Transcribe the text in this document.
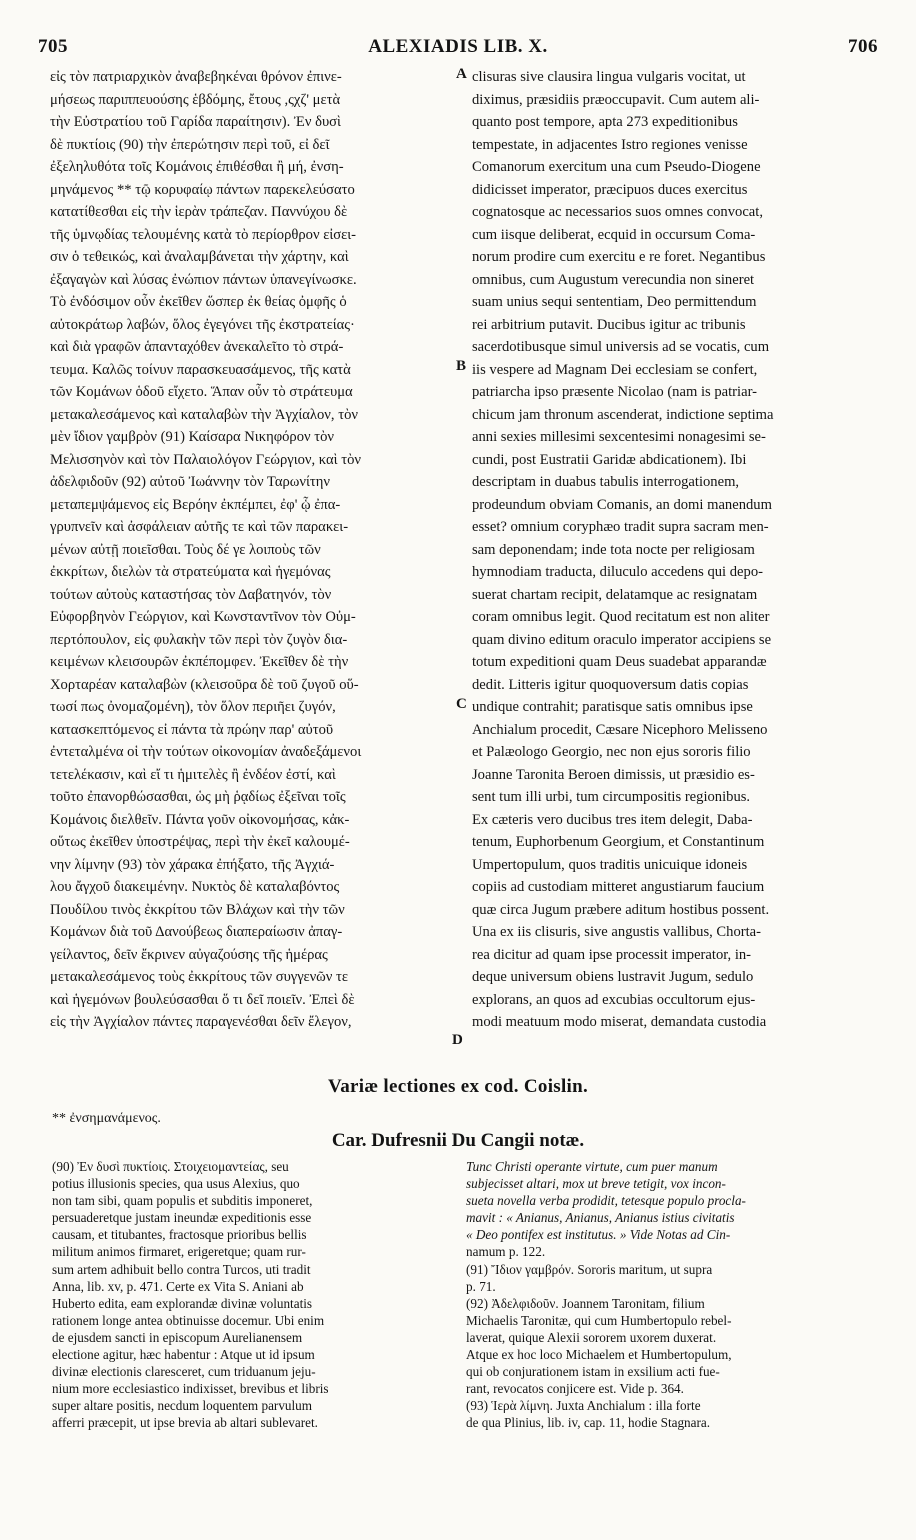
705	ALEXIADIS LIB. X.	706
εἰς τὸν πατριαρχικὸν ἀναβεβηκέναι θρόνον ἐπινε-
μήσεως παριππευούσης ἑβδόμης, ἔτους ,ςχζ' μετὰ
τὴν Εὐστρατίου τοῦ Γαρίδα παραίτησιν). Ἐν δυσὶ
δὲ πυκτίοις (90) τὴν ἐπερώτησιν περὶ τοῦ, εἰ δεῖ
ἐξεληλυθότα τοῖς Κομάνοις ἐπιθέσθαι ἢ μή, ἐνση-
μηνάμενος ** τῷ κορυφαίῳ πάντων παρεκελεύσατο
κατατίθεσθαι εἰς τὴν ἱερὰν τράπεζαν. Παννύχου δὲ
τῆς ὑμνῳδίας τελουμένης κατὰ τὸ περίορθρον εἰσει-
σιν ὁ τεθεικώς, καὶ ἀναλαμβάνεται τὴν χάρτην, καὶ
ἐξαγαγὼν καὶ λύσας ἐνώπιον πάντων ὑπανεγίνωσκε.
Τὸ ἐνδόσιμον οὖν ἐκεῖθεν ὥσπερ ἐκ θείας ὀμφῆς ὁ
αὐτοκράτωρ λαβών, ὅλος ἐγεγόνει τῆς ἐκστρατείας·
καὶ διὰ γραφῶν ἁπανταχόθεν ἀνεκαλεῖτο τὸ στρά-
τευμα. Καλῶς τοίνυν παρασκευασάμενος, τῆς κατὰ
τῶν Κομάνων ὁδοῦ εἴχετο. Ἅπαν οὖν τὸ στράτευμα
μετακαλεσάμενος καὶ καταλαβὼν τὴν Ἀγχίαλον, τὸν
μὲν ἴδιον γαμβρὸν (91) Καίσαρα Νικηφόρον τὸν
Μελισσηνὸν καὶ τὸν Παλαιολόγον Γεώργιον, καὶ τὸν
ἀδελφιδοῦν (92) αὐτοῦ Ἰωάννην τὸν Ταρωνίτην
μεταπεμψάμενος εἰς Βερόην ἐκπέμπει, ἐφ' ᾧ ἐπα-
γρυπνεῖν καὶ ἀσφάλειαν αὐτῆς τε καὶ τῶν παρακει-
μένων αὐτῇ ποιεῖσθαι. Τοὺς δέ γε λοιποὺς τῶν
ἐκκρίτων, διελὼν τὰ στρατεύματα καὶ ἡγεμόνας
τούτων αὐτοὺς καταστήσας τὸν Δαβατηνόν, τὸν
Εὐφορβηνὸν Γεώργιον, καὶ Κωνσταντῖνον τὸν Οὐμ-
περτόπουλον, εἰς φυλακὴν τῶν περὶ τὸν ζυγὸν δια-
κειμένων κλεισουρῶν ἐκπέπομφεν. Ἐκεῖθεν δὲ τὴν
Χορταρέαν καταλαβὼν (κλεισοῦρα δὲ τοῦ ζυγοῦ οὕ-
τωσί πως ὀνομαζομένη), τὸν ὅλον περιῆει ζυγόν,
κατασκεπτόμενος εἰ πάντα τὰ πρώην παρ' αὐτοῦ
ἐντεταλμένα οἱ τὴν τούτων οἰκονομίαν ἀναδεξάμενοι
τετελέκασιν, καὶ εἴ τι ἡμιτελὲς ἢ ἐνδέον ἐστί, καὶ
τοῦτο ἐπανορθώσασθαι, ὡς μὴ ῥᾳδίως ἐξεῖναι τοῖς
Κομάνοις διελθεῖν. Πάντα γοῦν οἰκονομήσας, κἀκ-
οὕτως ἐκεῖθεν ὑποστρέψας, περὶ τὴν ἐκεῖ καλουμέ-
νην λίμνην (93) τὸν χάρακα ἐπήξατο, τῆς Ἀγχιά-
λου ἄγχοῦ διακειμένην. Νυκτὸς δὲ καταλαβόντος
Πουδίλου τινὸς ἐκκρίτου τῶν Βλάχων καὶ τὴν τῶν
Κομάνων διὰ τοῦ Δανούβεως διαπεραίωσιν ἀπαγ-
γείλαντος, δεῖν ἔκρινεν αὐγαζούσης τῆς ἡμέρας
μετακαλεσάμενος τοὺς ἐκκρίτους τῶν συγγενῶν τε
καὶ ἡγεμόνων βουλεύσασθαι ὅ τι δεῖ ποιεῖν. Ἐπεὶ δὲ
εἰς τὴν Ἀγχίαλον πάντες παραγενέσθαι δεῖν ἔλεγον,
clisuras sive clausira lingua vulgaris vocitat, ut
diximus, præsidiis præoccupavit. Cum autem ali-
quanto post tempore, apta 273 expeditionibus
tempestate, in adjacentes Istro regiones venisse
Comanorum exercitum una cum Pseudo-Diogene
didicisset imperator, præcipuos duces exercitus
cognatosque ac necessarios suos omnes convocat,
cum iisque deliberat, ecquid in occursum Coma-
norum prodire cum exercitu e re foret. Negantibus
omnibus, cum Augustum verecundia non sineret
suam unius sequi sententiam, Deo permittendum
rei arbitrium putavit. Ducibus igitur ac tribunis
sacerdotibusque simul universis ad se vocatis, cum
iis vespere ad Magnam Dei ecclesiam se confert,
patriarcha ipso præsente Nicolao (nam is patriar-
chicum jam thronum ascenderat, indictione septima
anni sexies millesimi sexcentesimi nonagesimi se-
cundi, post Eustratii Garidæ abdicationem). Ibi
descriptam in duabus tabulis interrogationem,
prodeundum obviam Comanis, an domi manendum
esset? omnium coryphæo tradit supra sacram men-
sam deponendam; inde tota nocte per religiosam
hymnodiam traducta, diluculo accedens qui depo-
suerat chartam recipit, delatamque ac resignatam
coram omnibus legit. Quod recitatum est non aliter
quam divino editum oraculo imperator accipiens se
totum expeditioni quam Deus suadebat apparandæ
dedit. Litteris igitur quoquoversum datis copias
undique contrahit; paratisque satis omnibus ipse
Anchialum procedit, Cæsare Nicephoro Melisseno
et Palæologo Georgio, nec non ejus sororis filio
Joanne Taronita Beroen dimissis, ut præsidio es-
sent tum illi urbi, tum circumpositis regionibus.
Ex cæteris vero ducibus tres item delegit, Daba-
tenum, Euphorbenum Georgium, et Constantinum
Umpertopulum, quos traditis unicuique idoneis
copiis ad custodiam mitteret angustiarum faucium
quæ circa Jugum præbere aditum hostibus possent.
Una ex iis clisuris, sive angustis vallibus, Chorta-
rea dicitur ad quam ipse processit imperator, in-
deque universum obiens lustravit Jugum, sedulo
explorans, an quos ad excubias occultorum ejus-
modi meatuum modo miserat, demandata custodia
A
B
C
D
Variæ lectiones ex cod. Coislin.
** ἐνσημανάμενος.
Car. Dufresnii Du Cangii notæ.
(90) Ἐν δυσὶ πυκτίοις. Στοιχειομαντείας, seu
potius illusionis species, qua usus Alexius, quo
non tam sibi, quam populis et subditis imponeret,
persuaderetque justam ineundæ expeditionis esse
causam, et titubantes, fractosque prioribus bellis
militum animos firmaret, erigeretque; quam rur-
sum artem adhibuit bello contra Turcos, uti tradit
Anna, lib. xv, p. 471. Certe ex Vita S. Aniani ab
Huberto edita, eam explorandæ divinæ voluntatis
rationem longe antea obtinuisse docemur. Ubi enim
de ejusdem sancti in episcopum Aurelianensem
electione agitur, hæc habentur : Atque ut id ipsum
divinæ electionis claresceret, cum triduanum jeju-
nium more ecclesiastico indixisset, brevibus et libris
super altare positis, necdum loquentem parvulum
afferri præcepit, ut ipse brevia ab altari sublevaret.
Tunc Christi operante virtute, cum puer manum
subjecisset altari, mox ut breve tetigit, vox incon-
sueta novella verba prodidit, tetesque populo procla-
mavit : « Anianus, Anianus, Anianus istius civitatis
« Deo pontifex est institutus. » Vide Notas ad Cin-
namum p. 122.
(91) Ἴδιον γαμβρόν. Sororis maritum, ut supra
p. 71.
(92) Ἀδελφιδοῦν. Joannem Taronitam, filium
Michaelis Taronitæ, qui cum Humbertopulo rebel-
laverat, quique Alexii sororem uxorem duxerat.
Atque ex hoc loco Michaelem et Humbertopulum,
qui ob conjurationem istam in exsilium acti fue-
rant, revocatos conjicere est. Vide p. 364.
(93) Ἱερὰ λίμνη. Juxta Anchialum : illa forte
de qua Plinius, lib. iv, cap. 11, hodie Stagnara.
